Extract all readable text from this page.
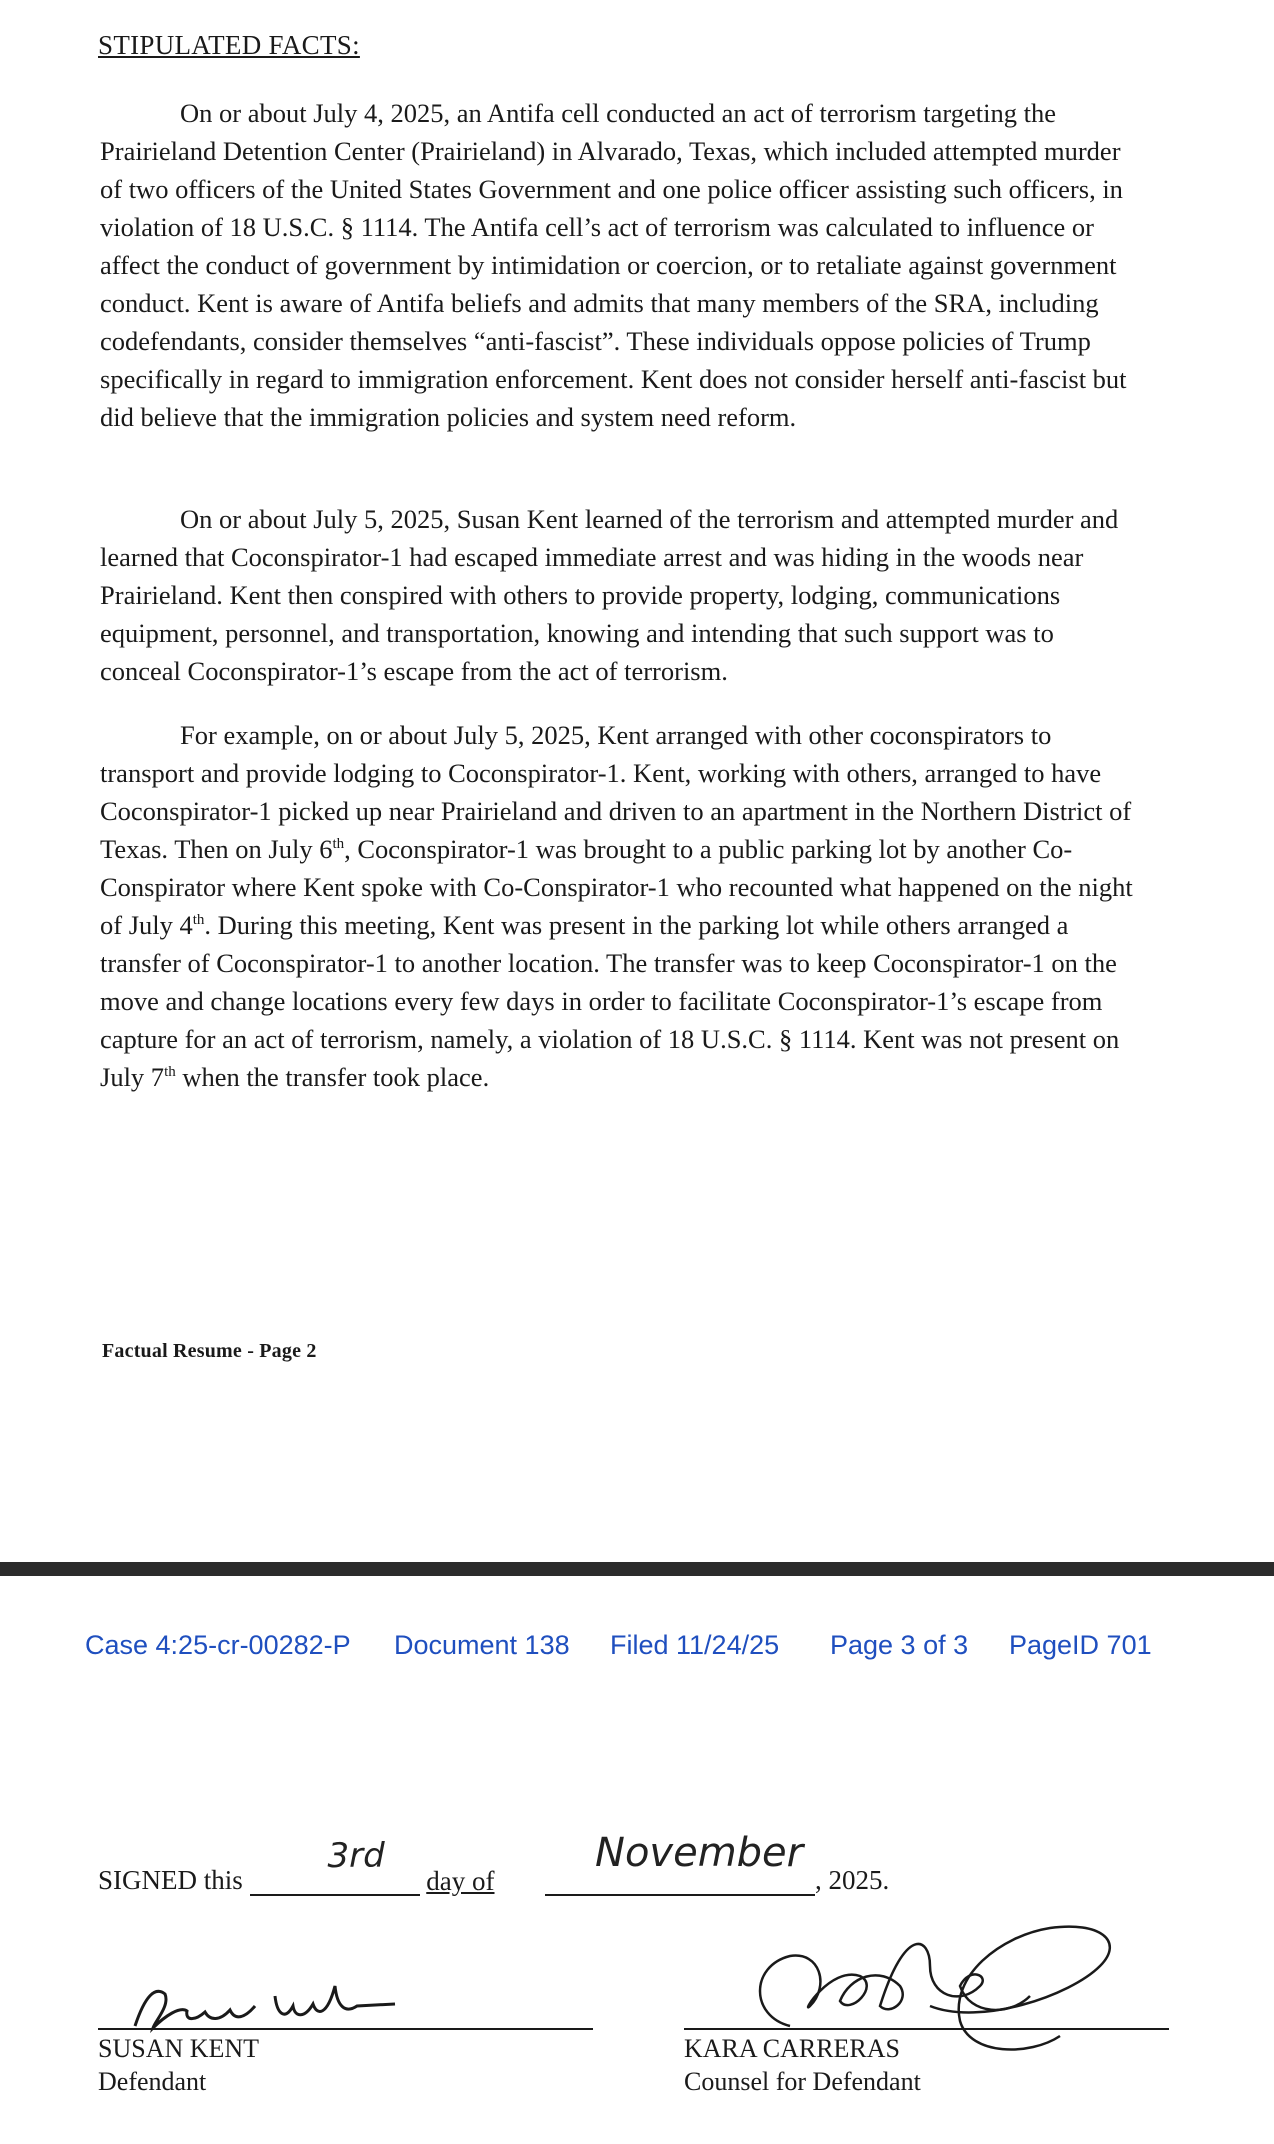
STIPULATED FACTS:

On or about July 4, 2025, an Antifa cell conducted an act of terrorism targeting the Prairieland Detention Center (Prairieland) in Alvarado, Texas, which included attempted murder of two officers of the United States Government and one police officer assisting such officers, in violation of 18 U.S.C. § 1114. The Antifa cell’s act of terrorism was calculated to influence or affect the conduct of government by intimidation or coercion, or to retaliate against government conduct. Kent is aware of Antifa beliefs and admits that many members of the SRA, including codefendants, consider themselves “anti-fascist”. These individuals oppose policies of Trump specifically in regard to immigration enforcement. Kent does not consider herself anti-fascist but did believe that the immigration policies and system need reform.

On or about July 5, 2025, Susan Kent learned of the terrorism and attempted murder and learned that Coconspirator-1 had escaped immediate arrest and was hiding in the woods near Prairieland. Kent then conspired with others to provide property, lodging, communications equipment, personnel, and transportation, knowing and intending that such support was to conceal Coconspirator-1’s escape from the act of terrorism.

For example, on or about July 5, 2025, Kent arranged with other coconspirators to transport and provide lodging to Coconspirator-1. Kent, working with others, arranged to have Coconspirator-1 picked up near Prairieland and driven to an apartment in the Northern District of Texas. Then on July 6th, Coconspirator-1 was brought to a public parking lot by another Co-Conspirator where Kent spoke with Co-Conspirator-1 who recounted what happened on the night of July 4th. During this meeting, Kent was present in the parking lot while others arranged a transfer of Coconspirator-1 to another location. The transfer was to keep Coconspirator-1 on the move and change locations every few days in order to facilitate Coconspirator-1’s escape from capture for an act of terrorism, namely, a violation of 18 U.S.C. § 1114. Kent was not present on July 7th when the transfer took place.

Factual Resume - Page 2
Case 4:25-cr-00282-P Document 138 Filed 11/24/25 Page 3 of 3 PageID 701
SIGNED this
3rd

day of

November
, 2025.
SUSAN KENT
Defendant
KARA CARRERAS
Counsel for Defendant
